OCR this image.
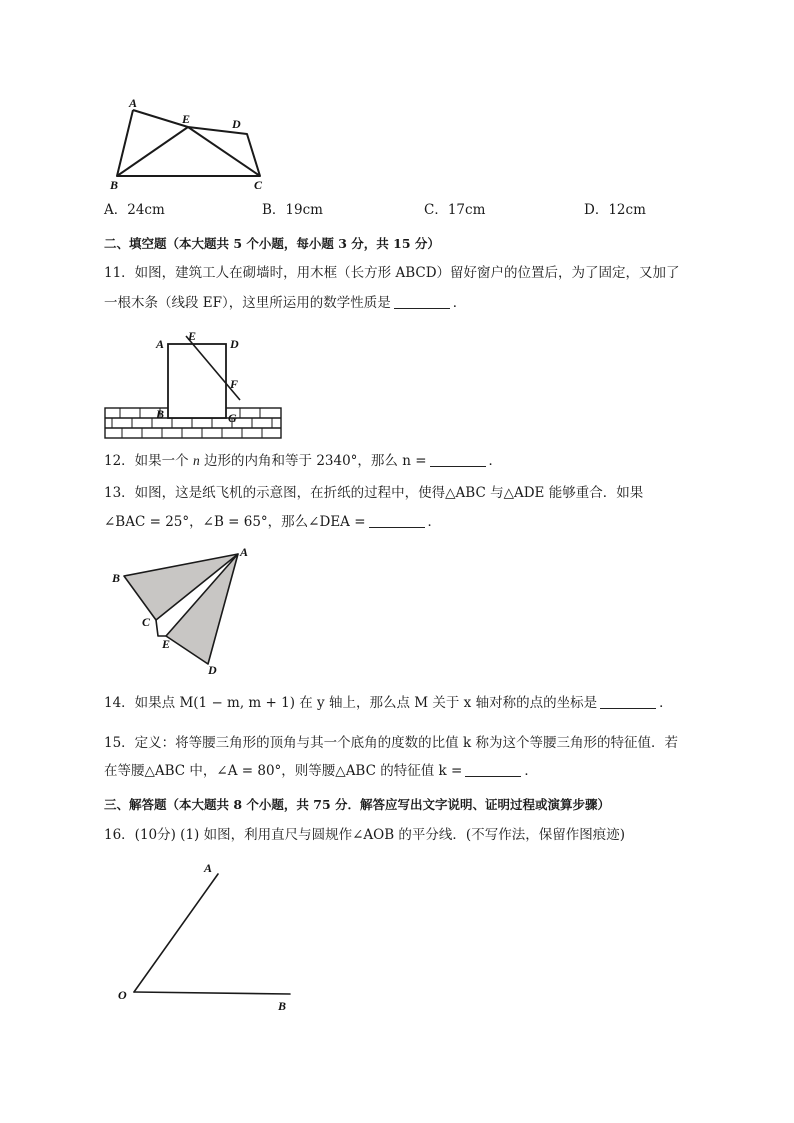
A
E	D
B	C
A．24cm	B．19cm	C．17cm	D．12cm
二、填空题（本大题共 5 个小题，每小题 3 分，共 15 分）
11．如图，建筑工人在砌墙时，用木框（长方形 ABCD）留好窗户的位置后，为了固定，又加了
一根木条（线段 EF），这里所运用的数学性质是	．
A
E
D
F
B	G
12．如果一个 n 边形的内角和等于 2340°，那么 n =	．
13．如图，这是纸飞机的示意图，在折纸的过程中，使得△ABC 与△ADE 能够重合．如果
∠BAC = 25°，∠B = 65°，那么∠DEA =	．
A
B
C
E
D
14．如果点 M(1 − m, m + 1) 在 y 轴上，那么点 M 关于 x 轴对称的点的坐标是	．
15．定义：将等腰三角形的顶角与其一个底角的度数的比值 k 称为这个等腰三角形的特征值．若
在等腰△ABC 中，∠A = 80°，则等腰△ABC 的特征值 k =	．
三、解答题（本大题共 8 个小题，共 75 分．解答应写出文字说明、证明过程或演算步骤）
16．(10分) (1) 如图，利用直尺与圆规作∠AOB 的平分线．(不写作法，保留作图痕迹)
A
O
B
